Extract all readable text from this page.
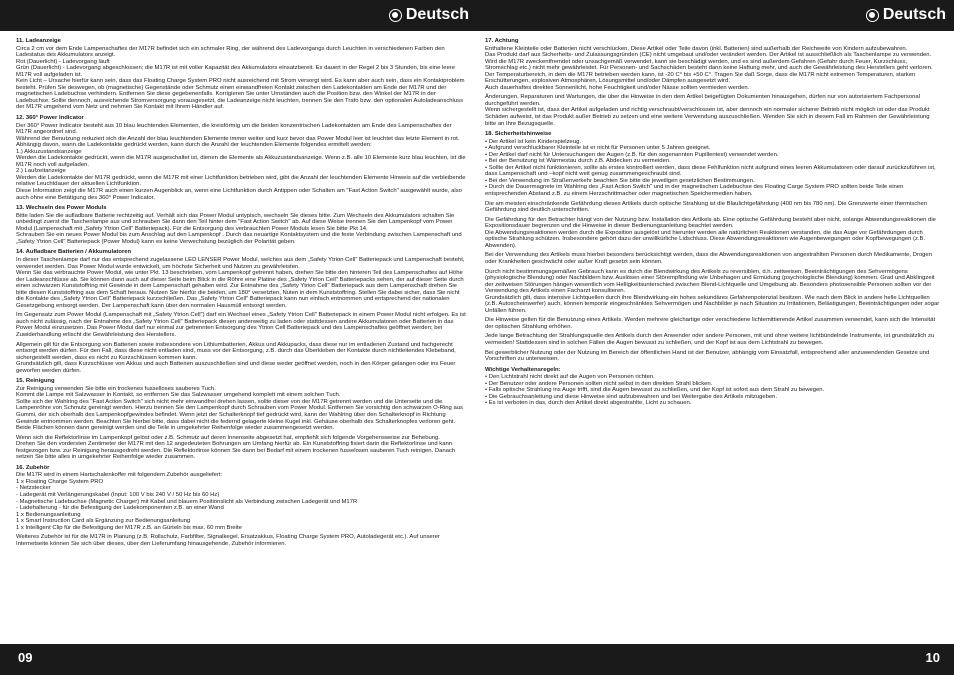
Deutsch	Deutsch
11. Ladeanzeige

Circa 2 cm vor dem Ende Lampenschaftes der M17R befindet sich ein schmaler Ring, der während des Ladevorgangs durch Leuchten in verschiedenen Farben den Ladestatus des Akkumulators anzeigt.
Rot (Dauerlicht) - Ladevorgang läuft
Grün (Dauerlicht) - Ladevorgang abgeschlossen; die M17R ist mit voller Kapazität des Akkumulators einsatzbereit. Es dauert in der Regel 2 bis 3 Stunden, bis eine leere M17R voll aufgeladen ist.
Kein Licht – Ursache hierfür kann sein, dass das Floating Charge System PRO nicht ausreichend mit Strom versorgt wird. Es kann aber auch sein, dass ein Kontaktproblem besteht. Prüfen Sie deswegen, ob (magnetische) Gegenstände oder Schmutz einen einwandfreien Kontakt zwischen den Ladekontakten am Ende der M17R und der magnetischen Ladebuchse verhindern. Entfernen Sie diese gegebenenfalls. Korrigieren Sie unter Umständen auch die Position bzw. den Winkel der M17R in der Ladebuchse. Sollte dennoch, ausreichende Stromversorgung vorausgesetzt, die Ladeanzeige nicht leuchten, trennen Sie den Trafo bzw. den optionalen Autoladeanschluss der M17R umgehend vom Netz und nehmen Sie Kontakt mit Ihrem Händler auf.

12. 360° Power Indicator

Der 360° Power Indicator besteht aus 10 blau leuchtenden Elementen, die kreisförmig um die beiden konzentrischen Ladekontakten am Ende des Lampenschaftes der M17R angeordnet sind.
Während der Benutzung reduziert sich die Anzahl der blau leuchtenden Elemente immer weiter und kurz bevor das Power Modul leer ist leuchtet das letzte Element in rot.
Abhängig davon, wann die Ladekontakte gedrückt werden, kann durch die Anzahl der leuchtenden Elemente folgendes ermittelt werden:
1.) Akkuzustandsanzeige
Werden die Ladekontakte gedrückt, wenn die M17R ausgeschaltet ist, dienen die Elemente als Akkuzustandsanzeige. Wenn z.B. alle 10 Elemente kurz blau leuchten, ist die M17R noch voll aufgeladen.
2.) Laufzeitanzeige
Werden die Ladekontakte der M17R gedrückt, wenn die M17R mit einer Lichtfunktion betrieben wird, gibt die Anzahl der leuchtenden Elemente Hinweis auf die verbleibende relative Leuchtdauer der aktuellen Lichtfunktion.
Diese Information zeigt die M17R auch einen kurzen Augenblick an, wenn eine Lichtfunktion durch Antippen oder Schalten am "Fast Action Switch" ausgewählt wurde, also auch ohne eine Betätigung des 360° Power Indicator.

13. Wechseln des Power Moduls

Bitte laden Sie die aufladbare Batterie rechtzeitig auf. Verhält sich das Power Modul untypisch, wechseln Sie dieses bitte. Zum Wechseln des Akkumulators schalten Sie unbedingt zuerst die Taschenlampe aus und schrauben Sie dann den Teil hinter dem "Fast Action Switch" ab. Auf diese Weise trennen Sie den Lampenkopf vom Power Modul (Lampenschaft mit „Safety Ytrion Cell" Batteriepack). Für die Entsorgung des verbrauchten Power Moduls lesen Sie bitte Pkt 14.
Schrauben Sie ein neues Power Modul bis zum Anschlag auf den Lampenkopf . Durch das neuartige Kontaktsystem und die feste Verbindung zwischen Lampenschaft und „Safety Ytrion Cell" Batteriepack (Power Modul) kann es keine Verwechslung bezüglich der Polarität geben.

14. Aufladbare Batterien / Akkumulatoren

In dieser Taschenlampe darf nur das entsprechend zugelassene LED LENSER Power Modul, welches aus dem „Safety Ytrion Cell" Batteriepack und Lampenschaft besteht, verwendet werden. Das Power Modul wurde entwickelt, um höchste Sicherheit und Nutzen zu gewährleisten.
Wenn Sie das verbrauchte Power Modul, wie unter Pkt. 13 beschrieben, vom Lampenkopf getrennt haben, drehen Sie bitte den hinteren Teil des Lampenschaftes auf Höhe der Ladeanschlüsse ab. Sie können dann auch auf dieser Seite beim Blick in die Röhre eine Platine des „Safety Ytrion Cell" Batteriepacks sehen, der auf dieser Seite durch einen schwarzen Kunststoffring mit Gewinde in dem Lampenschaft gehalten wird. Zur Entnahme des „Safety Ytrion Cell" Batteriepack aus dem Lampenschaft drehen Sie bitte diesen Kunststoffring aus dem Schaft heraus. Nutzen Sie hierfür die beiden, um 180° versetzten, Nuten in dem Kunststoffring. Stellen Sie dabei sicher, dass Sie nicht die Kontakte des „Safety Ytrion Cell" Batteriepack kurzschließen. Das „Safety Ytrion Cell" Batteriepack kann nun einfach entnommen und entsprechend der nationalen Gesetzgebung entsorgt werden. Der Lampenschaft kann über den normalen Hausmüll entsorgt werden.

Im Gegensatz zum Power Modul (Lampenschaft mit „Safety Ytrion Cell") darf ein Wechsel eines „Safety Ytrion Cell" Batteriepack in einem Power Modul nicht erfolgen. Es ist auch nicht zulässig, nach der Entnahme des „Safety Ytrion Cell" Batteriepack diesen anderweitig zu laden oder stattdessen andere Akkumulatoren oder Batterien in das Power Modul einzusetzen. Das Power Modul darf nur einmal zur getrennten Entsorgung des Ytrion Cell Batteriepack und des Lampenschaftes geöffnet werden; bei Zuwiderhandlung erlischt die Gewährleistung des Herstellers.

Allgemein gilt für die Entsorgung von Batterien sowie insbesondere von Lithiumbatterien, Akkus und Akkupacks, dass diese nur im entladenen Zustand und fachgerecht entsorgt werden dürfen. Für den Fall, dass diese nicht entladen sind, muss vor der Entsorgung, z.B. durch das Überkleben der Kontakte durch nichtleitendes Klebeband, sichergestellt werden, dass es nicht zu Kurzschlüssen kommen kann.
Grundsätzlich gilt, dass Kurzschlüsse von Akkus und auch Batterien auszuschließen sind und diese weder geöffnet werden, noch in den Körper gelangen oder ins Feuer geworfen werden dürfen.

15. Reinigung

Zur Reinigung verwenden Sie bitte ein trockenes fusselloses sauberes Tuch.
Kommt die Lampe mit Salzwasser in Kontakt, so entfernen Sie das Salzwasser umgehend komplett mit einem solchen Tuch.
Sollte sich der Wahlring des "Fast Action Switch" sich nicht mehr einwandfrei drehen lassen, sollte dieser von der M17R getrennt werden und die Unterseite und die Lampenröhre von Schmutz gereinigt werden. Hierzu trennen Sie den Lampenkopf durch Schrauben vom Power Modul. Entfernen Sie vorsichtig den schwarzen O-Ring aus Gummi, der sich oberhalb des Lampenkopfgewindes befindet. Wenn jetzt der Schalterknopf tief gedrückt wird, kann der Wahlring über den Schalterknopf in Richtung Gewinde entnommen werden. Beachten Sie hierbei bitte, dass dabei nicht die federnd gelagerte kleine Kugel inkl. Gehäuse oberhalb des Schalterknopfes verloren geht.
Beide Flächen können dann gereinigt werden und die Teile in umgekehrter Reihenfolge wieder zusammengesetzt werden.

Wenn sich die Reflektorlinse im Lampenkopf gelöst oder z.B. Schmutz auf deren Innenseite abgesetzt hat, empfiehlt sich folgende Vorgehensweise zur Behebung.
Drehen Sie den vordersten Zentimeter der M17R mit den 12 angedeuteten Bohrungen am Umfang hierfür ab. Ein Kunststoffring fixiert darin die Reflektorlinse und kann festgezogen bzw. zur Reinigung herausgedreht werden. Die Reflektorlinse können Sie dann bei Bedarf mit einem trockenen fusselosen sauberen Tuch reinigen. Danach setzen Sie bitte alles in umgekehrter Reihenfolge wieder zusammen.

16. Zubehör

Die M17R wird in einem Hartschalenkoffer mit folgendem Zubehör ausgeliefert:
1 x Floating Charge System PRO
- Netzstecker
- Ladegerät mit Verlängerungskabel (Input: 100 V bis 240 V / 50 Hz bis 60 Hz)
- Magnetische Ladebuchse (Magnetic Charger) mit Kabel und blauem Positionslicht als Verbindung zwischen Ladegerät und M17R
- Ladehalterung - für die Befestigung der Ladekomponenten z.B. an einer Wand
1 x Bedienungsanleitung
1 x Smart Instruction Card als Ergänzung zur Bedienungsanleitung
1 x Intelligent Clip für die Befestigung der M17R z.B. an Gürteln bis max. 60 mm Breite

Weiteres Zubehör ist für die M17R in Planung (z.B. Rollschutz, Farbfilter, Signalkegel, Ersatzakkus, Floating Charge System PRO, Autoladegerät etc.). Auf unserer Internetseite können Sie sich über dieses, über den Lieferumfang hinausgehende, Zubehör informieren.

17. Achtung

Enthaltene Kleinteile oder Batterien nicht verschlucken. Diese Artikel oder Teile davon (inkl. Batterien) sind außerhalb der Reichweite von Kindern aufzubewahren.
Das Produkt darf aus Sicherheits- und Zulassungsgründen (CE) nicht umgebaut und/oder verändert werden. Der Artikel ist ausschließlich als Taschenlampe zu verwenden. Wird die M17R zweckentfremdet oder unsachgemäß verwendet, kann sie beschädigt werden, und es sind außerdem Gefahren (Gefahr durch Feuer, Kurzschluss, Stromschlag etc.) nicht mehr gewährleistet. Für Personen- und Sachschäden besteht dann keine Haftung mehr, und auch die Gewährleistung des Herstellers geht verloren.
Der Temperaturbereich, in dem die M17R betrieben werden kann, ist -20 C° bis +50 C°. Tragen Sie daß Sorge, dass die M17R nicht extremen Temperaturen, starken Erschütterungen, explosiven Atmosphären, Lösungsmittel und/oder Dämpfen ausgesetzt wird.
Auch dauerhaftes direktes Sonnenlicht, hohe Feuchtigkeit und/oder Nässe sollten vermieden werden.

Änderungen, Reparaturen und Wartungen, die über die Hinweise in den dem Artikel beigefügten Dokumenten hinausgehen, dürfen nur von autorisiertem Fachpersonal durchgeführt werden.
Wenn sichergestellt ist, dass der Artikel aufgeladen und richtig verschraubt/verschlossen ist, aber dennoch ein normaler sicherer Betrieb nicht möglich ist oder das Produkt Schäden aufweist, ist das Produkt außer Betrieb zu setzen und eine weitere Verwendung auszuschließen. Wenden Sie sich in diesem Fall im Rahmen der Gewährleistung bitte an Ihre Bezugsquelle.

18. Sicherheitshinweise

• Der Artikel ist kein Kinderspielzeug.
• Aufgrund verschluckbarer Kleinteile ist er nicht für Personen unter 5 Jahren geeignet.
• Der Artikel darf nicht für Untersuchungen der Augen (z.B. für den sogenannten Pupillentest) verwendet werden.
• Bei der Benutzung ist Wärmestau durch z.B. Abdecken zu vermeiden.
• Sollte der Artikel nicht funktionieren, sollte als erstes kontrolliert werden, dass diese Fehlfunktion nicht aufgrund eines leeren Akkumulatoren oder darauf zurückzuführen ist, dass Lampenschaft und –kopf nicht weit genug zusammengeschraubt sind.
• Bei der Verwendung im Straßenverkehr beachten Sie bitte die jeweiligen gesetzlichen Bestimmungen.
• Durch die Dauermagnete im Wahlring des „Fast Action Switch" und in der magnetischen Ladebuchse des Floating Carge System PRO sollten beide Teile einen entsprechenden Abstand z.B. zu einem Herzschrittmacher oder magnetischen Speichermedien haben.

Die am meisten einschränkende Gefährdung dieses Artikels durch optische Strahlung ist die Blaulichtgefährdung (400 nm bis 780 nm). Die Grenzwerte einer thermischen Gefährdung sind deutlich unterschritten.

Die Gefährdung für den Betrachter hängt von der Nutzung bzw. Installation des Artikels ab. Eine optische Gefährdung besteht aber nicht, solange Abwendungsreaktionen die Expositionsdauer begrenzen und die Hinweise in dieser Bedienungsanleitung beachtet werden.
Die Abwendungsreaktionen werden durch die Exposition ausgelöst und hierunter werden alle natürlichen Reaktionen verstanden, die das Auge vor Gefährdungen durch optische Strahlung schützen. Insbesondere gehört dazu der unwillkürliche Lidschluss. Diese Abwendungsreaktionen wie Augenbewegungen oder Kopfbewegungen (z.B. Abwenden).

Bei der Verwendung des Artikels muss hierbei besonders berücksichtigt werden, dass die Abwendungsreaktionen von angestrahlten Personen durch Medikamente, Drogen oder Krankheiten geschwächt oder außer Kraft gesetzt sein können.

Durch nicht bestimmungsgemäßen Gebrauch kann es durch die Blendwirkung des Artikels zu reversiblen, d.h. zeitweisen, Beeinträchtigungen des Sehvermögens (physiologische Blendung) oder Nachbildern bzw. Auslösen einer Störempfindung wie Unbehagen und Ermüdung (psychologische Blendung) kommen. Grad und Abklingzeit der zeitweisen Störungen hängen wesentlich vom Helligkeitsunterschied zwischen Blend-Lichtquelle und Umgebung ab. Besonders photosensible Personen sollten vor der Verwendung des Artikels einen Facharzt konsultieren.
Grundsätzlich gilt, dass intensive Lichtquellen durch ihre Blendwirkung ein hohes sekundäres Gefahrenpotenzial besitzen. Wie nach dem Blick in andere helle Lichtquellen (z.B. Autoscheinwerfer) auch, können temporär eingeschränktes Sehvermögen und Nachbilder je nach Situation zu Irritationen, Belästigungen, Beeinträchtigungen oder sogar Unfällen führen.

Die Hinweise gelten für die Benutzung eines Artikels. Werden mehrere gleichartige oder verschiedene lichtemittierende Artikel zusammen verwendet, kann sich die Intensität der optischen Strahlung erhöhen.

Jede lange Betrachtung der Strahlungsquelle des Artikels durch den Anwender oder andere Personen, mit und ohne weitere lichtbündelnde Instrumente, ist grundsätzlich zu vermeiden! Stattdessen sind in solchen Fällen die Augen bewusst zu schließen, und der Kopf ist aus dem Lichtstrahl zu bewegen.

Bei gewerblicher Nutzung oder der Nutzung im Bereich der öffentlichen Hand ist der Benutzer, abhängig vom Einsatzfall, entsprechend aller anzuwendenden Gesetze und Vorschriften zu unterweisen.

Wichtige Verhaltensregeln:

• Den Lichtstrahl nicht direkt auf die Augen von Personen richten.
• Der Benutzer oder andere Personen sollten nicht selbst in den direkten Strahl blicken.
• Falls optische Strahlung ins Auge trifft, sind die Augen bewusst zu schließen, und der Kopf ist sofort aus dem Strahl zu bewegen.
• Die Gebrauchsanleitung und diese Hinweise sind aufzubewahren und bei Weitergabe des Artikels mitzugeben.
• Es ist verboten in das, durch den Artikel direkt abgestrahlte, Licht zu schauen.

09	10
